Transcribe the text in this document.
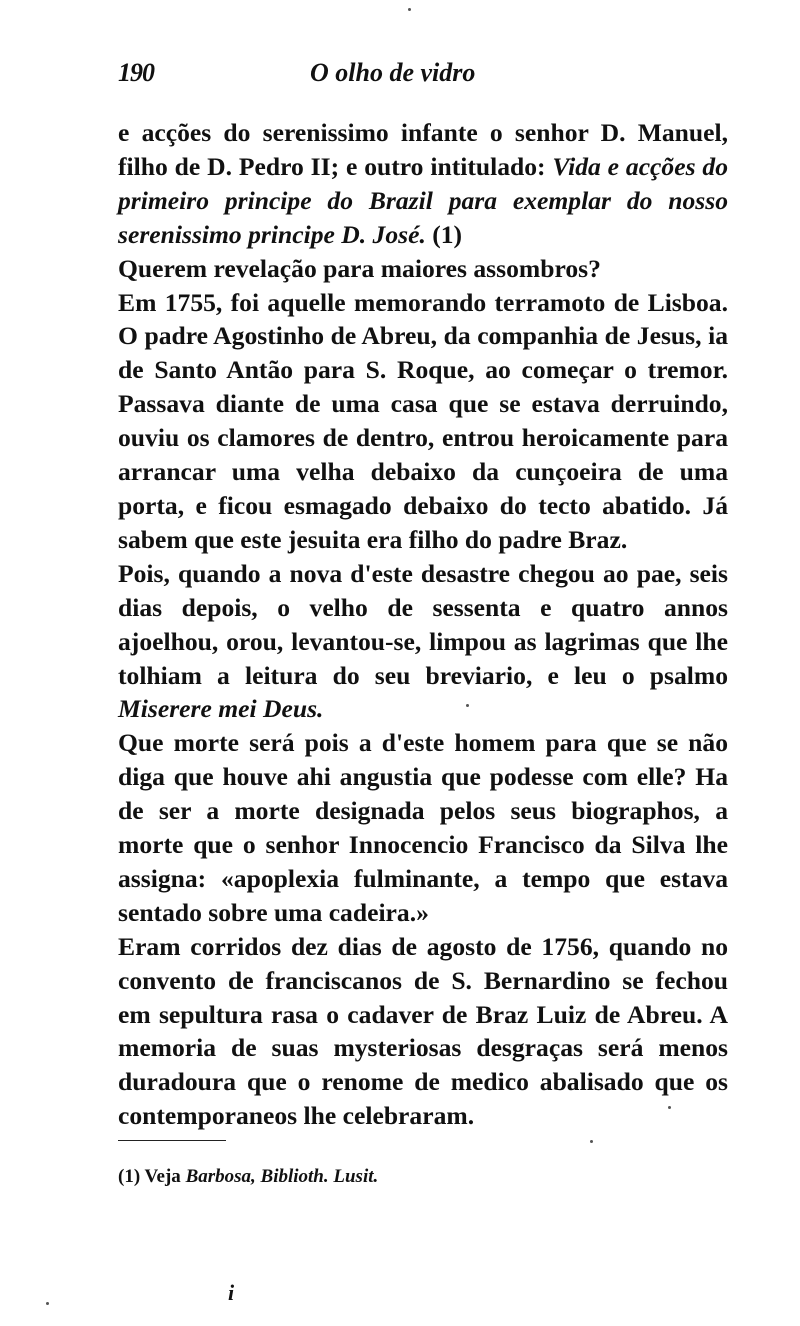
190	O olho de vidro

e acções do serenissimo infante o senhor D. Manuel, filho de D. Pedro II; e outro intitulado: Vida e acções do primeiro principe do Brazil para exemplar do nosso serenissimo principe D. José. (1)

Querem revelação para maiores assombros?

Em 1755, foi aquelle memorando terramoto de Lisboa. O padre Agostinho de Abreu, da companhia de Jesus, ia de Santo Antão para S. Roque, ao começar o tremor. Passava diante de uma casa que se estava derruindo, ouviu os clamores de dentro, entrou heroicamente para arrancar uma velha debaixo da cunçoeira de uma porta, e ficou esmagado debaixo do tecto abatido. Já sabem que este jesuita era filho do padre Braz.

Pois, quando a nova d'este desastre chegou ao pae, seis dias depois, o velho de sessenta e quatro annos ajoelhou, orou, levantou-se, limpou as lagrimas que lhe tolhiam a leitura do seu breviario, e leu o psalmo Miserere mei Deus.

Que morte será pois a d'este homem para que se não diga que houve ahi angustia que podesse com elle? Ha de ser a morte designada pelos seus biographos, a morte que o senhor Innocencio Francisco da Silva lhe assigna: «apoplexia fulminante, a tempo que estava sentado sobre uma cadeira.»

Eram corridos dez dias de agosto de 1756, quando no convento de franciscanos de S. Bernardino se fechou em sepultura rasa o cadaver de Braz Luiz de Abreu. A memoria de suas mysteriosas desgraças será menos duradoura que o renome de medico abalisado que os contemporaneos lhe celebraram.

(1) Veja Barbosa, Biblioth. Lusit.
i
